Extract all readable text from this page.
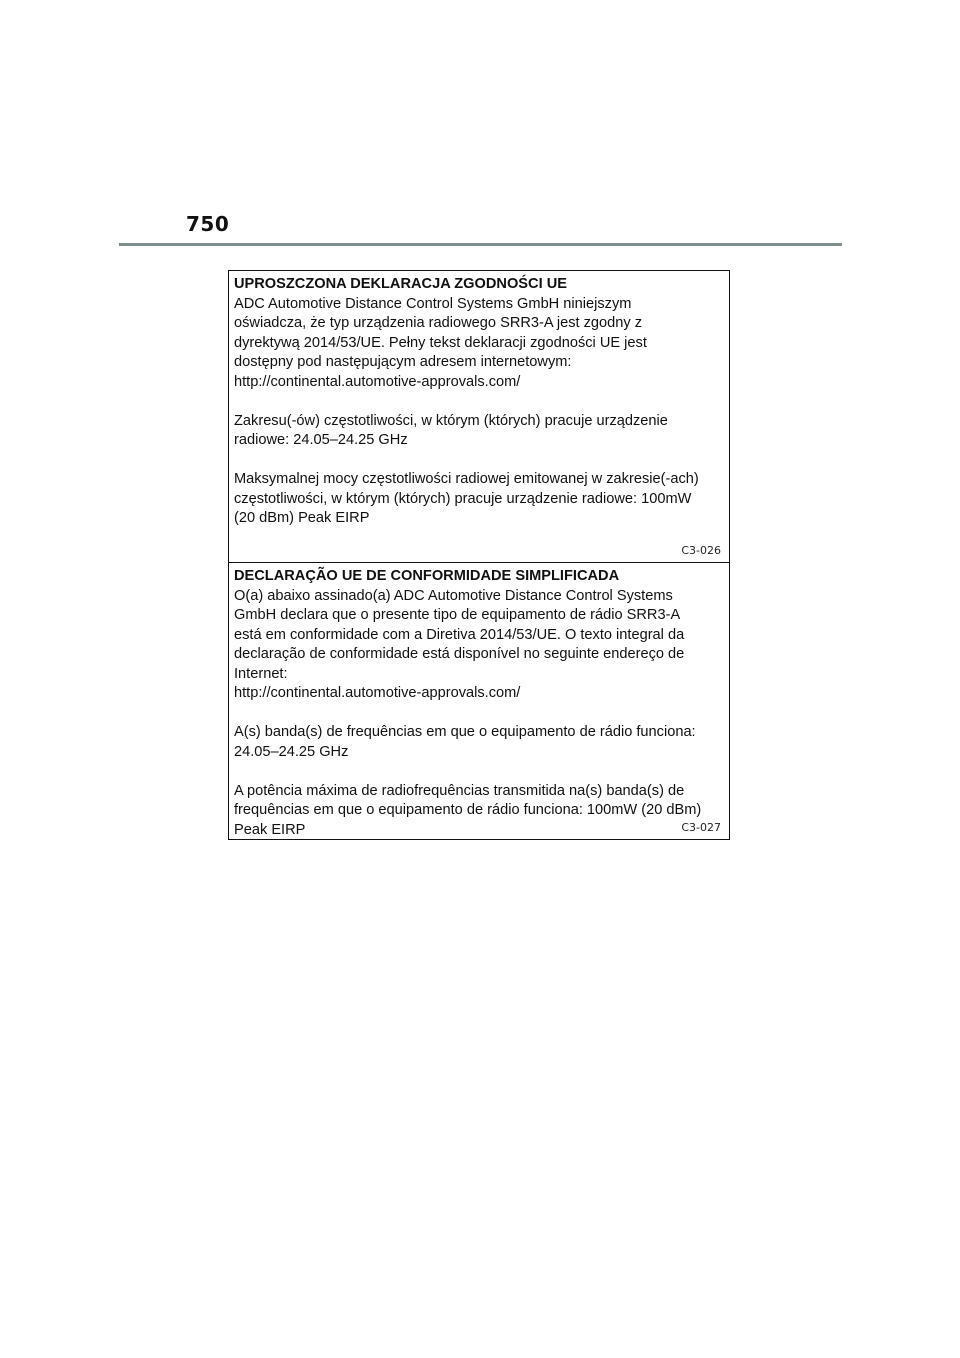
750

UPROSZCZONA DEKLARACJA ZGODNOŚCI UE

ADC Automotive Distance Control Systems GmbH niniejszym
oświadcza, że typ urządzenia radiowego SRR3-A jest zgodny z
dyrektywą 2014/53/UE. Pełny tekst deklaracji zgodności UE jest
dostępny pod następującym adresem internetowym:
http://continental.automotive-approvals.com/

Zakresu(-ów) częstotliwości, w którym (których) pracuje urządzenie
radiowe: 24.05–24.25 GHz

Maksymalnej mocy częstotliwości radiowej emitowanej w zakresie(-ach)
częstotliwości, w którym (których) pracuje urządzenie radiowe: 100mW
(20 dBm) Peak EIRP

C3-026

DECLARAÇÃO UE DE CONFORMIDADE SIMPLIFICADA

O(a) abaixo assinado(a) ADC Automotive Distance Control Systems
GmbH declara que o presente tipo de equipamento de rádio SRR3-A
está em conformidade com a Diretiva 2014/53/UE. O texto integral da
declaração de conformidade está disponível no seguinte endereço de
Internet:
http://continental.automotive-approvals.com/

A(s) banda(s) de frequências em que o equipamento de rádio funciona:
24.05–24.25 GHz

A potência máxima de radiofrequências transmitida na(s) banda(s) de
frequências em que o equipamento de rádio funciona: 100mW (20 dBm)
Peak EIRP	C3-027
